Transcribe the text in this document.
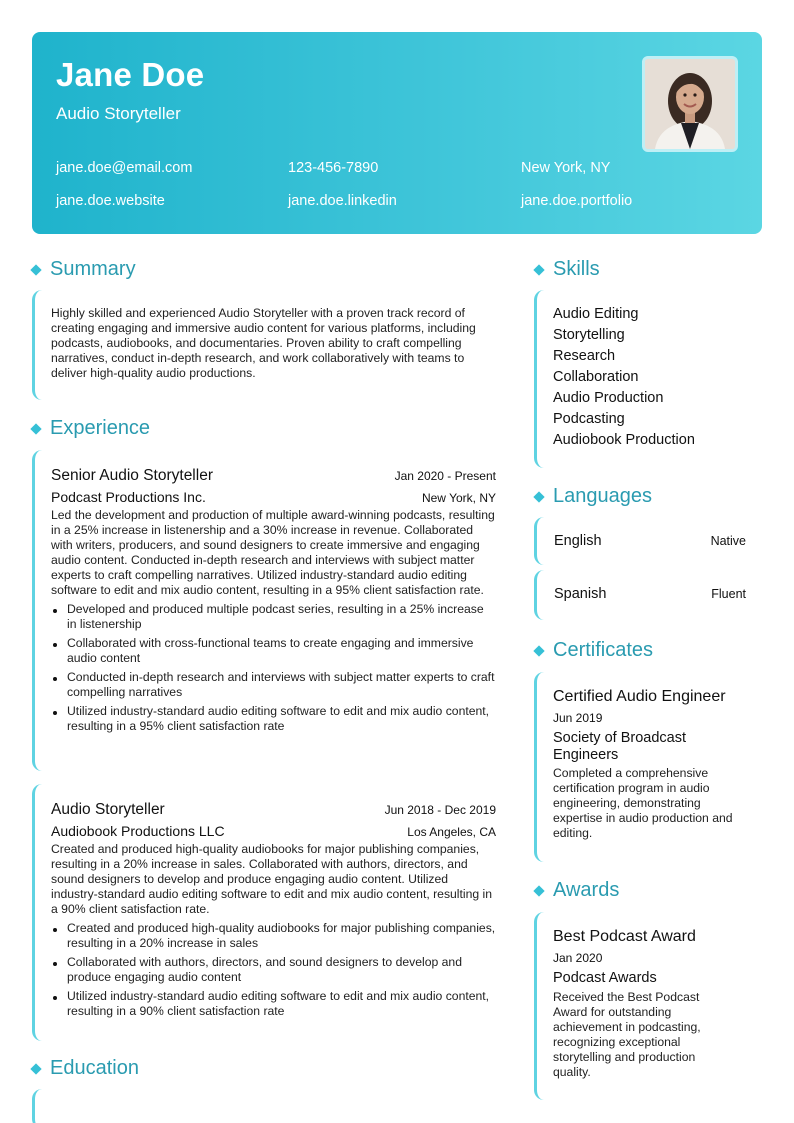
Jane Doe
Audio Storyteller
jane.doe@email.com	123-456-7890	New York, NY
jane.doe.website	jane.doe.linkedin	jane.doe.portfolio
Summary
Highly skilled and experienced Audio Storyteller with a proven track record of creating engaging and immersive audio content for various platforms, including podcasts, audiobooks, and documentaries. Proven ability to craft compelling narratives, conduct in-depth research, and work collaboratively with teams to deliver high-quality audio productions.
Experience
Senior Audio Storyteller	Jan 2020 - Present
Podcast Productions Inc.	New York, NY
Led the development and production of multiple award-winning podcasts, resulting in a 25% increase in listenership and a 30% increase in revenue. Collaborated with writers, producers, and sound designers to create immersive and engaging audio content. Conducted in-depth research and interviews with subject matter experts to craft compelling narratives. Utilized industry-standard audio editing software to edit and mix audio content, resulting in a 95% client satisfaction rate.
Developed and produced multiple podcast series, resulting in a 25% increase in listenership
Collaborated with cross-functional teams to create engaging and immersive audio content
Conducted in-depth research and interviews with subject matter experts to craft compelling narratives
Utilized industry-standard audio editing software to edit and mix audio content, resulting in a 95% client satisfaction rate
Audio Storyteller	Jun 2018 - Dec 2019
Audiobook Productions LLC	Los Angeles, CA
Created and produced high-quality audiobooks for major publishing companies, resulting in a 20% increase in sales. Collaborated with authors, directors, and sound designers to develop and produce engaging audio content. Utilized industry-standard audio editing software to edit and mix audio content, resulting in a 90% client satisfaction rate.
Created and produced high-quality audiobooks for major publishing companies, resulting in a 20% increase in sales
Collaborated with authors, directors, and sound designers to develop and produce engaging audio content
Utilized industry-standard audio editing software to edit and mix audio content, resulting in a 90% client satisfaction rate
Education
Skills
Audio Editing
Storytelling
Research
Collaboration
Audio Production
Podcasting
Audiobook Production
Languages
English	Native
Spanish	Fluent
Certificates
Certified Audio Engineer
Jun 2019
Society of Broadcast Engineers
Completed a comprehensive certification program in audio engineering, demonstrating expertise in audio production and editing.
Awards
Best Podcast Award
Jan 2020
Podcast Awards
Received the Best Podcast Award for outstanding achievement in podcasting, recognizing exceptional storytelling and production quality.
